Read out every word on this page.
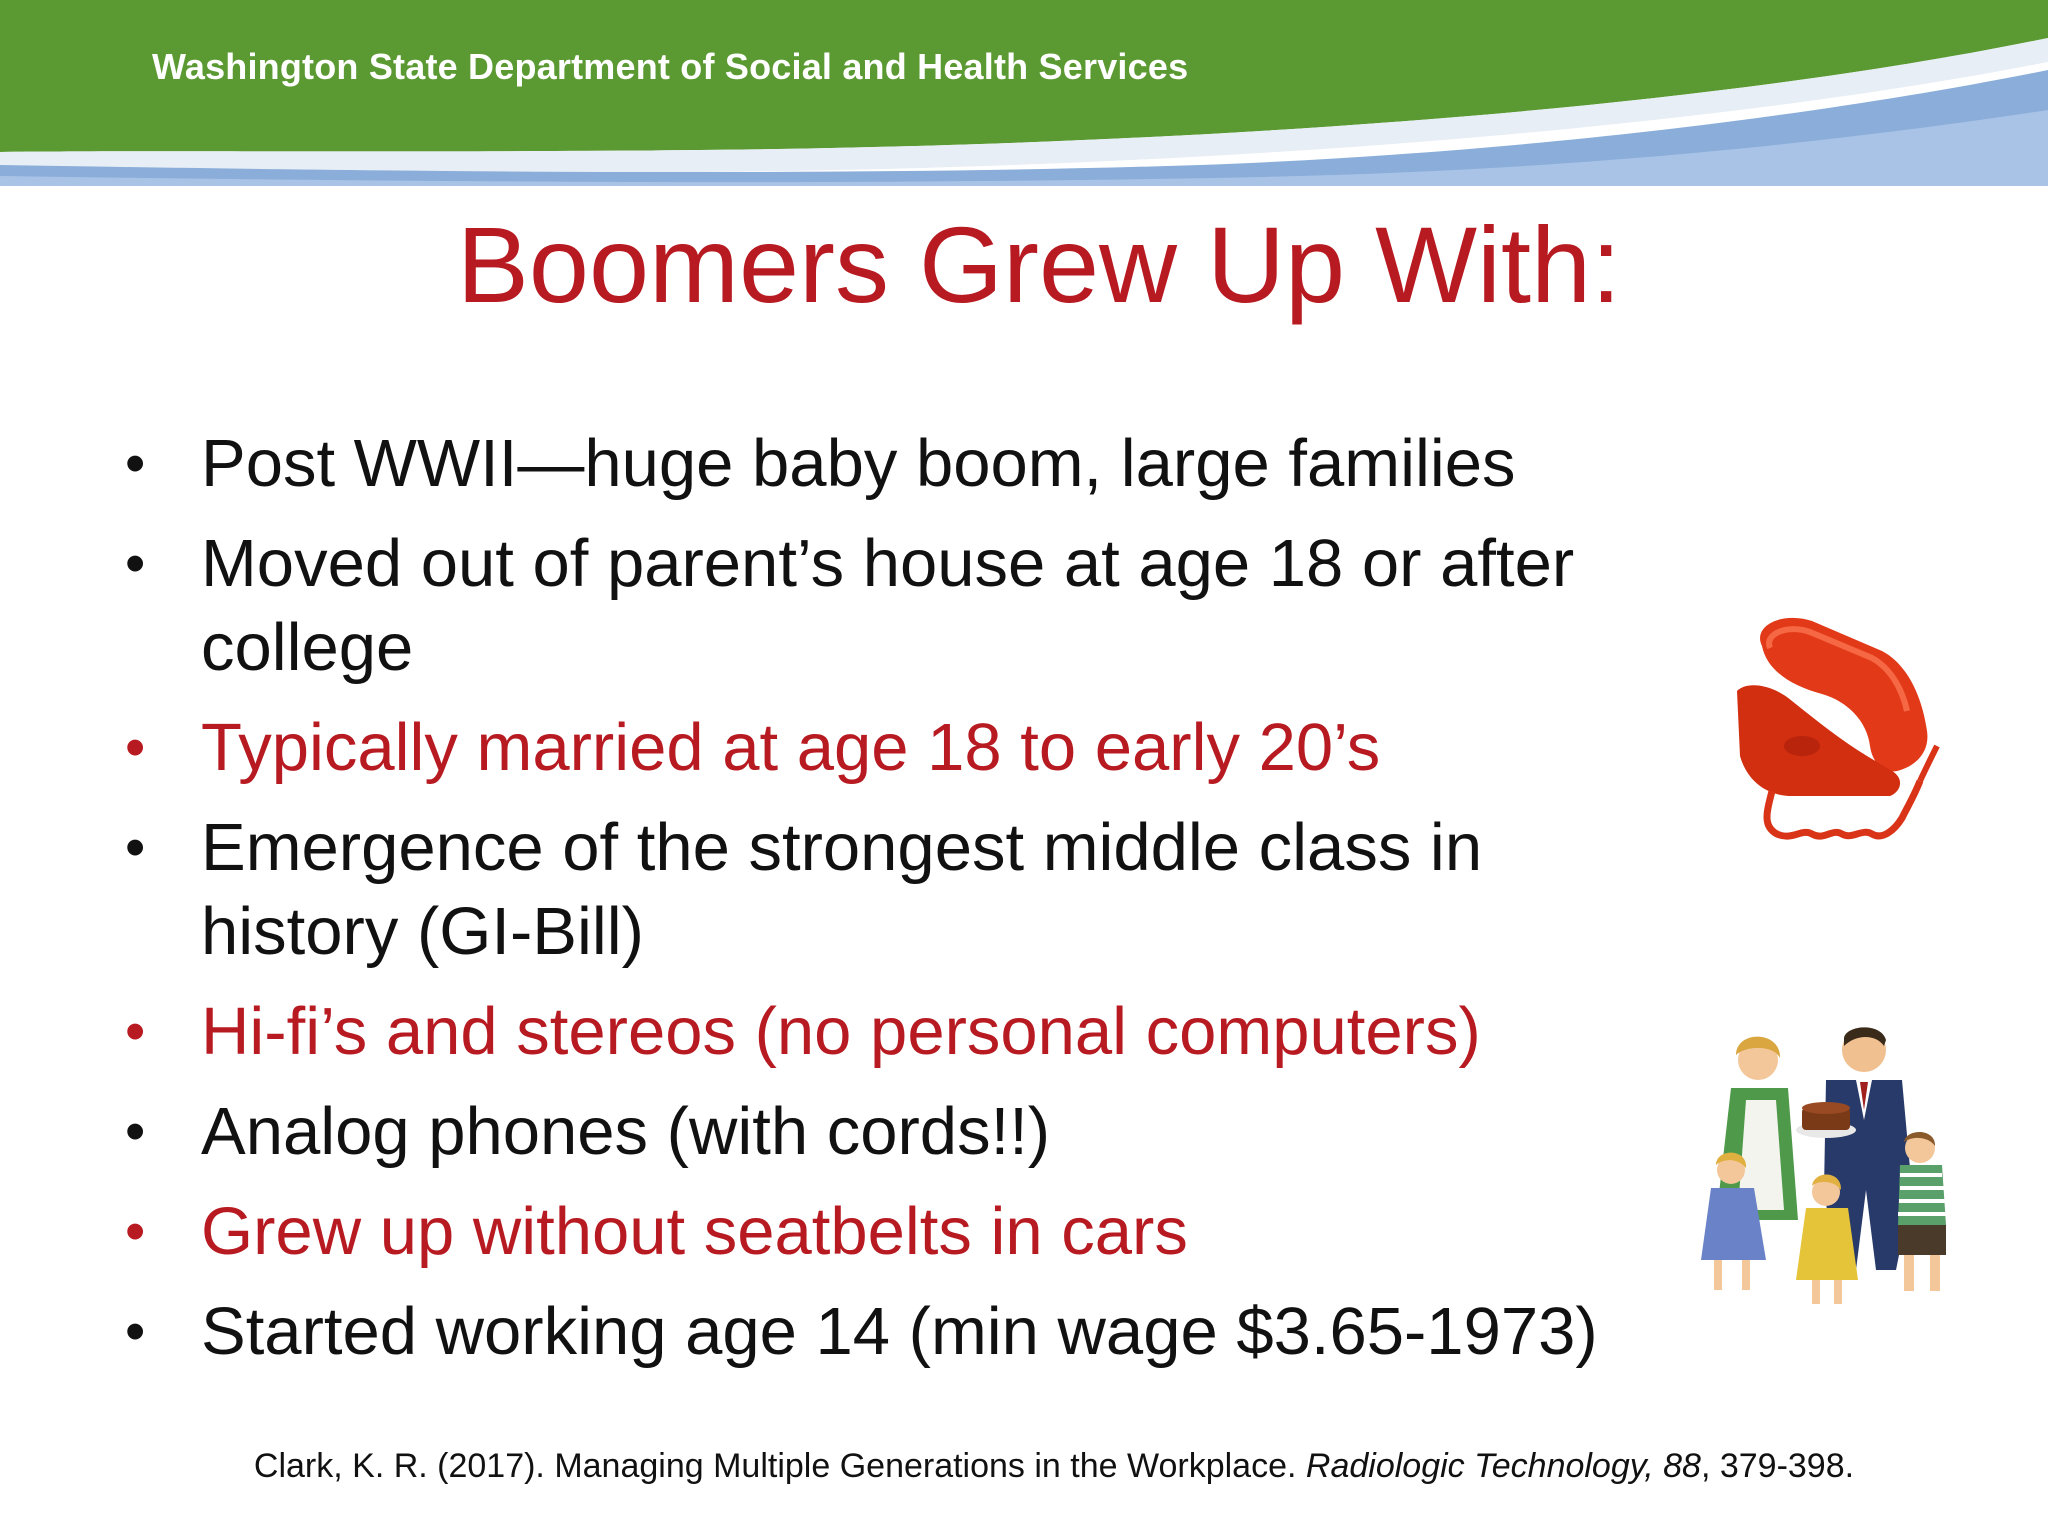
Washington State Department of Social and Health Services
Boomers Grew Up With:
• Post WWII—huge baby boom, large families
• Moved out of parent’s house at age 18 or after college
• Typically married at age 18 to early 20’s
• Emergence of the strongest middle class in history (GI-Bill)
• Hi-fi’s and stereos (no personal computers)
• Analog phones (with cords!!)
• Grew up without seatbelts in cars
• Started working age 14 (min wage $3.65-1973)
Clark, K. R. (2017). Managing Multiple Generations in the Workplace. Radiologic Technology, 88, 379-398.
